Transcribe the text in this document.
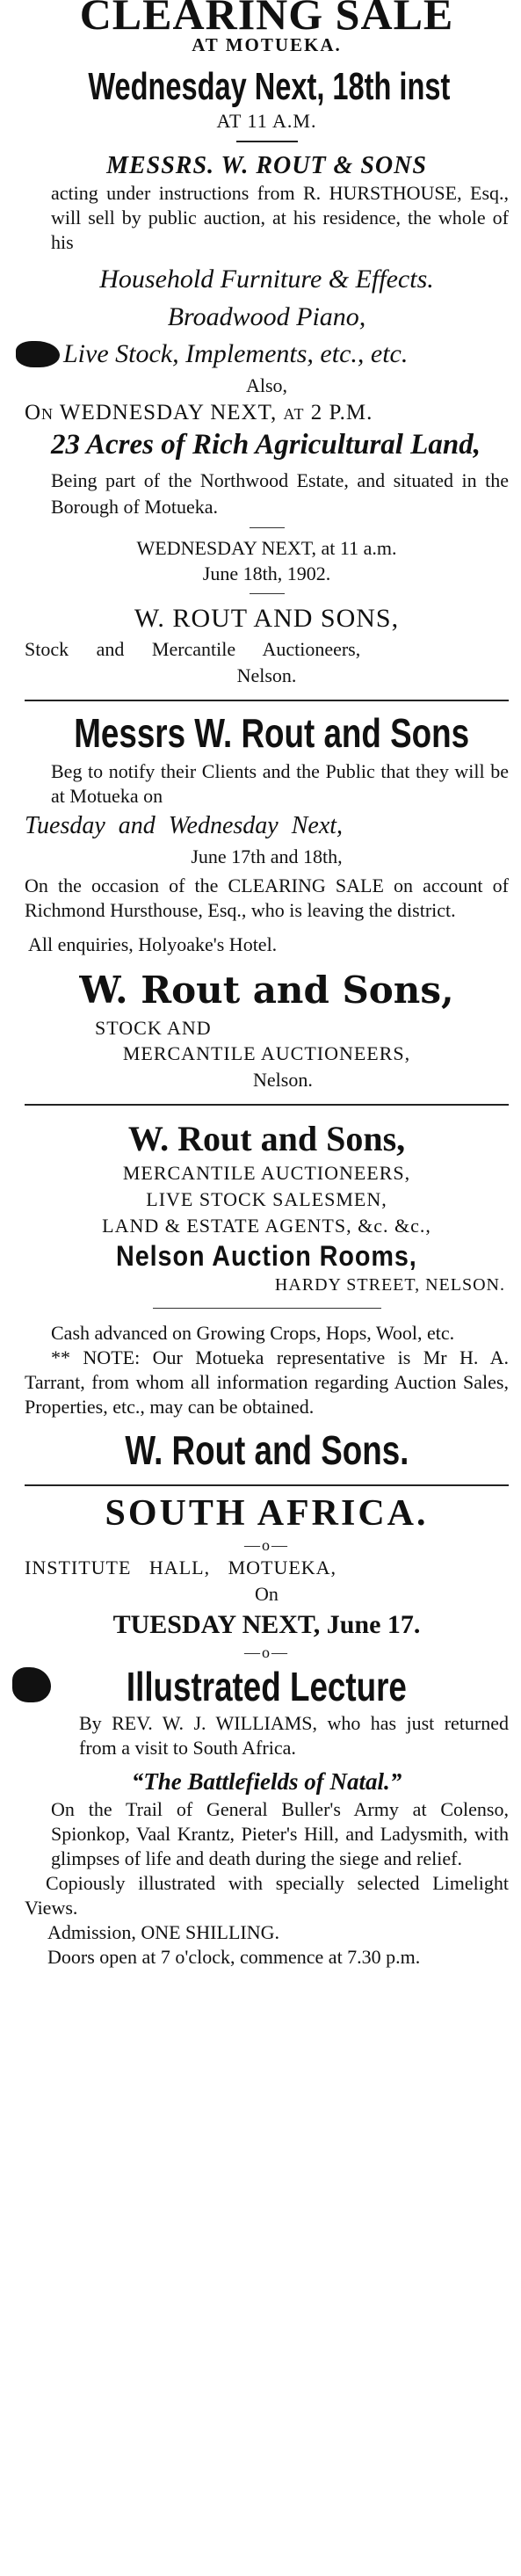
CLEARING SALE
AT MOTUEKA.
Wednesday Next, 18th inst
AT 11 A.M.
MESSRS. W. ROUT & SONS

acting under instructions from R. HURSTHOUSE, Esq., will sell by public auction, at his residence, the whole of his

Household Furniture & Effects.
Broadwood Piano,
Live Stock, Implements, etc., etc.
Also,
On WEDNESDAY NEXT, at 2 P.M.
23 Acres of Rich Agricultural Land,

Being part of the Northwood Estate, and situated in the Borough of Motueka.

WEDNESDAY NEXT, at 11 a.m.
June 18th, 1902.
W. ROUT AND SONS,
Stock and Mercantile Auctioneers,
Nelson.
Messrs W. Rout and Sons

Beg to notify their Clients and the Public that they will be at Motueka on

Tuesday and Wednesday Next,
June 17th and 18th,

On the occasion of the CLEARING SALE on account of Richmond Hursthouse, Esq., who is leaving the district.

All enquiries, Holyoake's Hotel.
W. Rout and Sons,
STOCK AND
MERCANTILE AUCTIONEERS,
Nelson.
W. Rout and Sons,
MERCANTILE AUCTIONEERS,
LIVE STOCK SALESMEN,
LAND & ESTATE AGENTS, &c. &c.,
Nelson Auction Rooms,
HARDY STREET, NELSON.

Cash advanced on Growing Crops, Hops, Wool, etc.

** NOTE: Our Motueka representative is Mr H. A. Tarrant, from whom all information regarding Auction Sales, Properties, etc., may can be obtained.

W. Rout and Sons.
SOUTH AFRICA.
—o—
INSTITUTE HALL, MOTUEKA,
On
TUESDAY NEXT, June 17.
—o—
Illustrated Lecture

By REV. W. J. WILLIAMS, who has just returned from a visit to South Africa.

“The Battlefields of Natal.”

On the Trail of General Buller's Army at Colenso, Spionkop, Vaal Krantz, Pieter's Hill, and Ladysmith, with glimpses of life and death during the siege and relief.

Copiously illustrated with specially selected Limelight Views.

Admission, ONE SHILLING.

Doors open at 7 o'clock, commence at 7.30 p.m.
